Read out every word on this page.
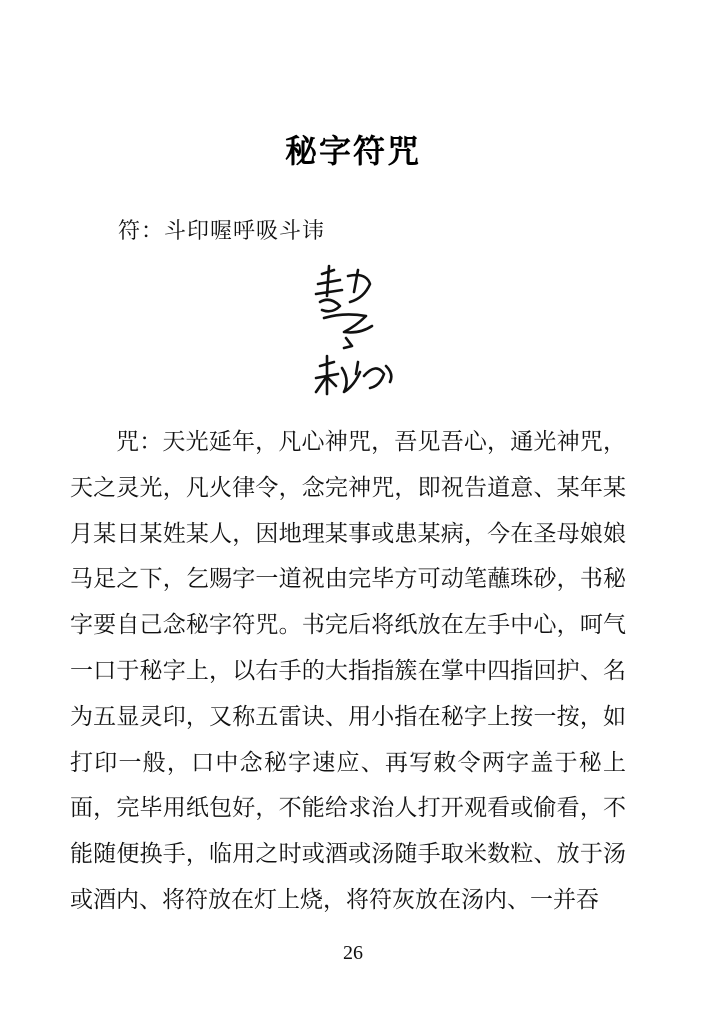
秘字符咒
符：斗印喔呼吸斗讳

咒：天光延年，凡心神咒，吾见吾心，通光神咒，天之灵光，凡火律令，念完神咒，即祝告道意、某年某月某日某姓某人，因地理某事或患某病，今在圣母娘娘马足之下，乞赐字一道祝由完毕方可动笔蘸珠砂，书秘字要自己念秘字符咒。书完后将纸放在左手中心，呵气一口于秘字上，以右手的大指指簇在掌中四指回护、名为五显灵印，又称五雷诀、用小指在秘字上按一按，如打印一般，口中念秘字速应、再写敕令两字盖于秘上面，完毕用纸包好，不能给求治人打开观看或偷看，不能随便换手，临用之时或酒或汤随手取米数粒、放于汤或酒内、将符放在灯上烧，将符灰放在汤内、一并吞

26
